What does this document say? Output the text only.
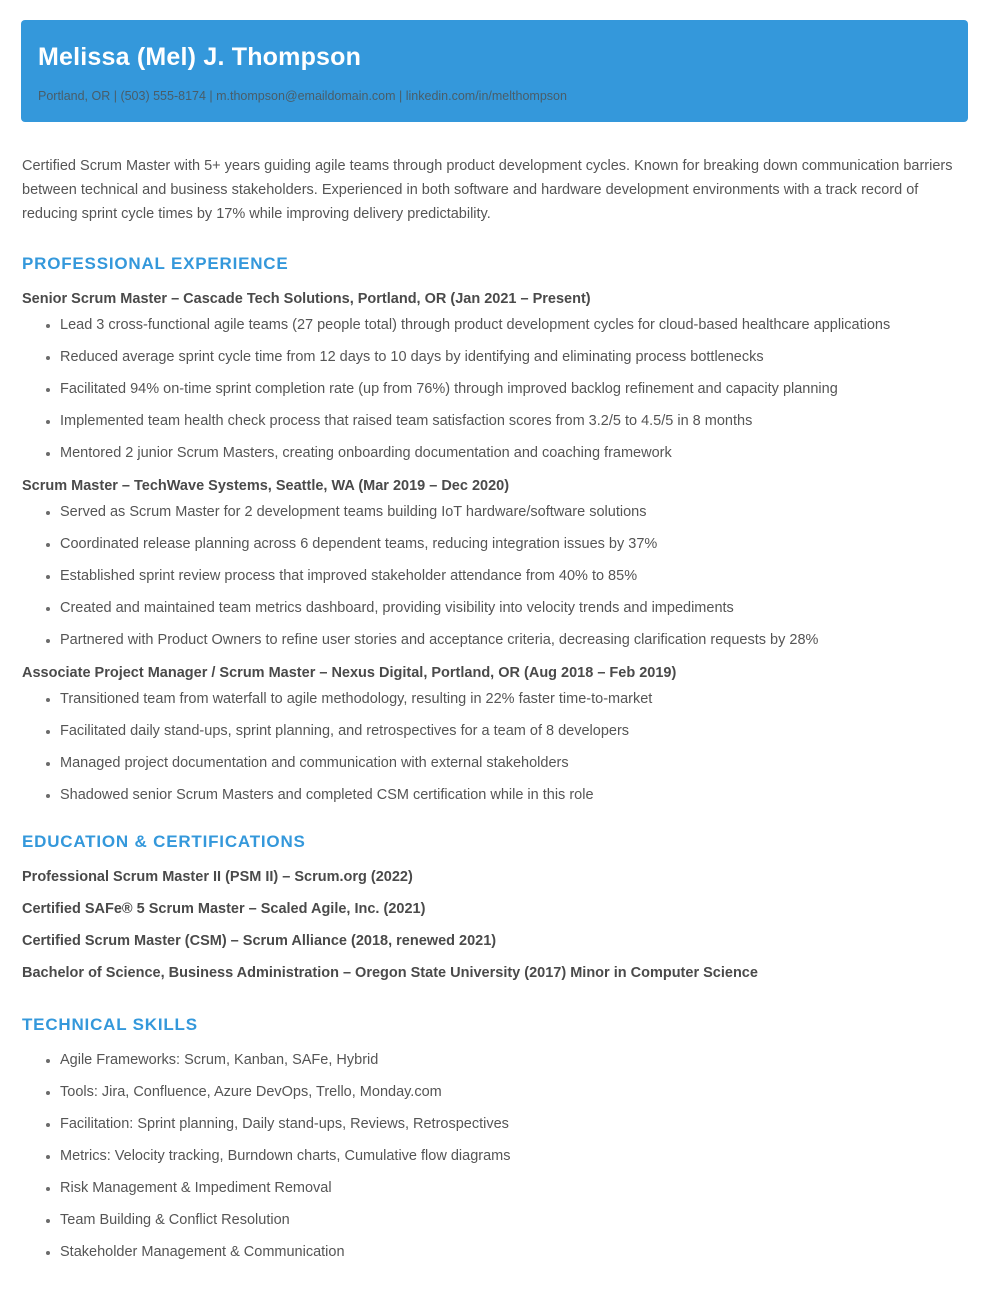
Melissa (Mel) J. Thompson
Portland, OR | (503) 555-8174 | m.thompson@emaildomain.com | linkedin.com/in/melthompson
Certified Scrum Master with 5+ years guiding agile teams through product development cycles. Known for breaking down communication barriers between technical and business stakeholders. Experienced in both software and hardware development environments with a track record of reducing sprint cycle times by 17% while improving delivery predictability.
PROFESSIONAL EXPERIENCE
Senior Scrum Master – Cascade Tech Solutions, Portland, OR (Jan 2021 – Present)
Lead 3 cross-functional agile teams (27 people total) through product development cycles for cloud-based healthcare applications
Reduced average sprint cycle time from 12 days to 10 days by identifying and eliminating process bottlenecks
Facilitated 94% on-time sprint completion rate (up from 76%) through improved backlog refinement and capacity planning
Implemented team health check process that raised team satisfaction scores from 3.2/5 to 4.5/5 in 8 months
Mentored 2 junior Scrum Masters, creating onboarding documentation and coaching framework
Scrum Master – TechWave Systems, Seattle, WA (Mar 2019 – Dec 2020)
Served as Scrum Master for 2 development teams building IoT hardware/software solutions
Coordinated release planning across 6 dependent teams, reducing integration issues by 37%
Established sprint review process that improved stakeholder attendance from 40% to 85%
Created and maintained team metrics dashboard, providing visibility into velocity trends and impediments
Partnered with Product Owners to refine user stories and acceptance criteria, decreasing clarification requests by 28%
Associate Project Manager / Scrum Master – Nexus Digital, Portland, OR (Aug 2018 – Feb 2019)
Transitioned team from waterfall to agile methodology, resulting in 22% faster time-to-market
Facilitated daily stand-ups, sprint planning, and retrospectives for a team of 8 developers
Managed project documentation and communication with external stakeholders
Shadowed senior Scrum Masters and completed CSM certification while in this role
EDUCATION & CERTIFICATIONS
Professional Scrum Master II (PSM II) – Scrum.org (2022)
Certified SAFe® 5 Scrum Master – Scaled Agile, Inc. (2021)
Certified Scrum Master (CSM) – Scrum Alliance (2018, renewed 2021)
Bachelor of Science, Business Administration – Oregon State University (2017) Minor in Computer Science
TECHNICAL SKILLS
Agile Frameworks: Scrum, Kanban, SAFe, Hybrid
Tools: Jira, Confluence, Azure DevOps, Trello, Monday.com
Facilitation: Sprint planning, Daily stand-ups, Reviews, Retrospectives
Metrics: Velocity tracking, Burndown charts, Cumulative flow diagrams
Risk Management & Impediment Removal
Team Building & Conflict Resolution
Stakeholder Management & Communication
